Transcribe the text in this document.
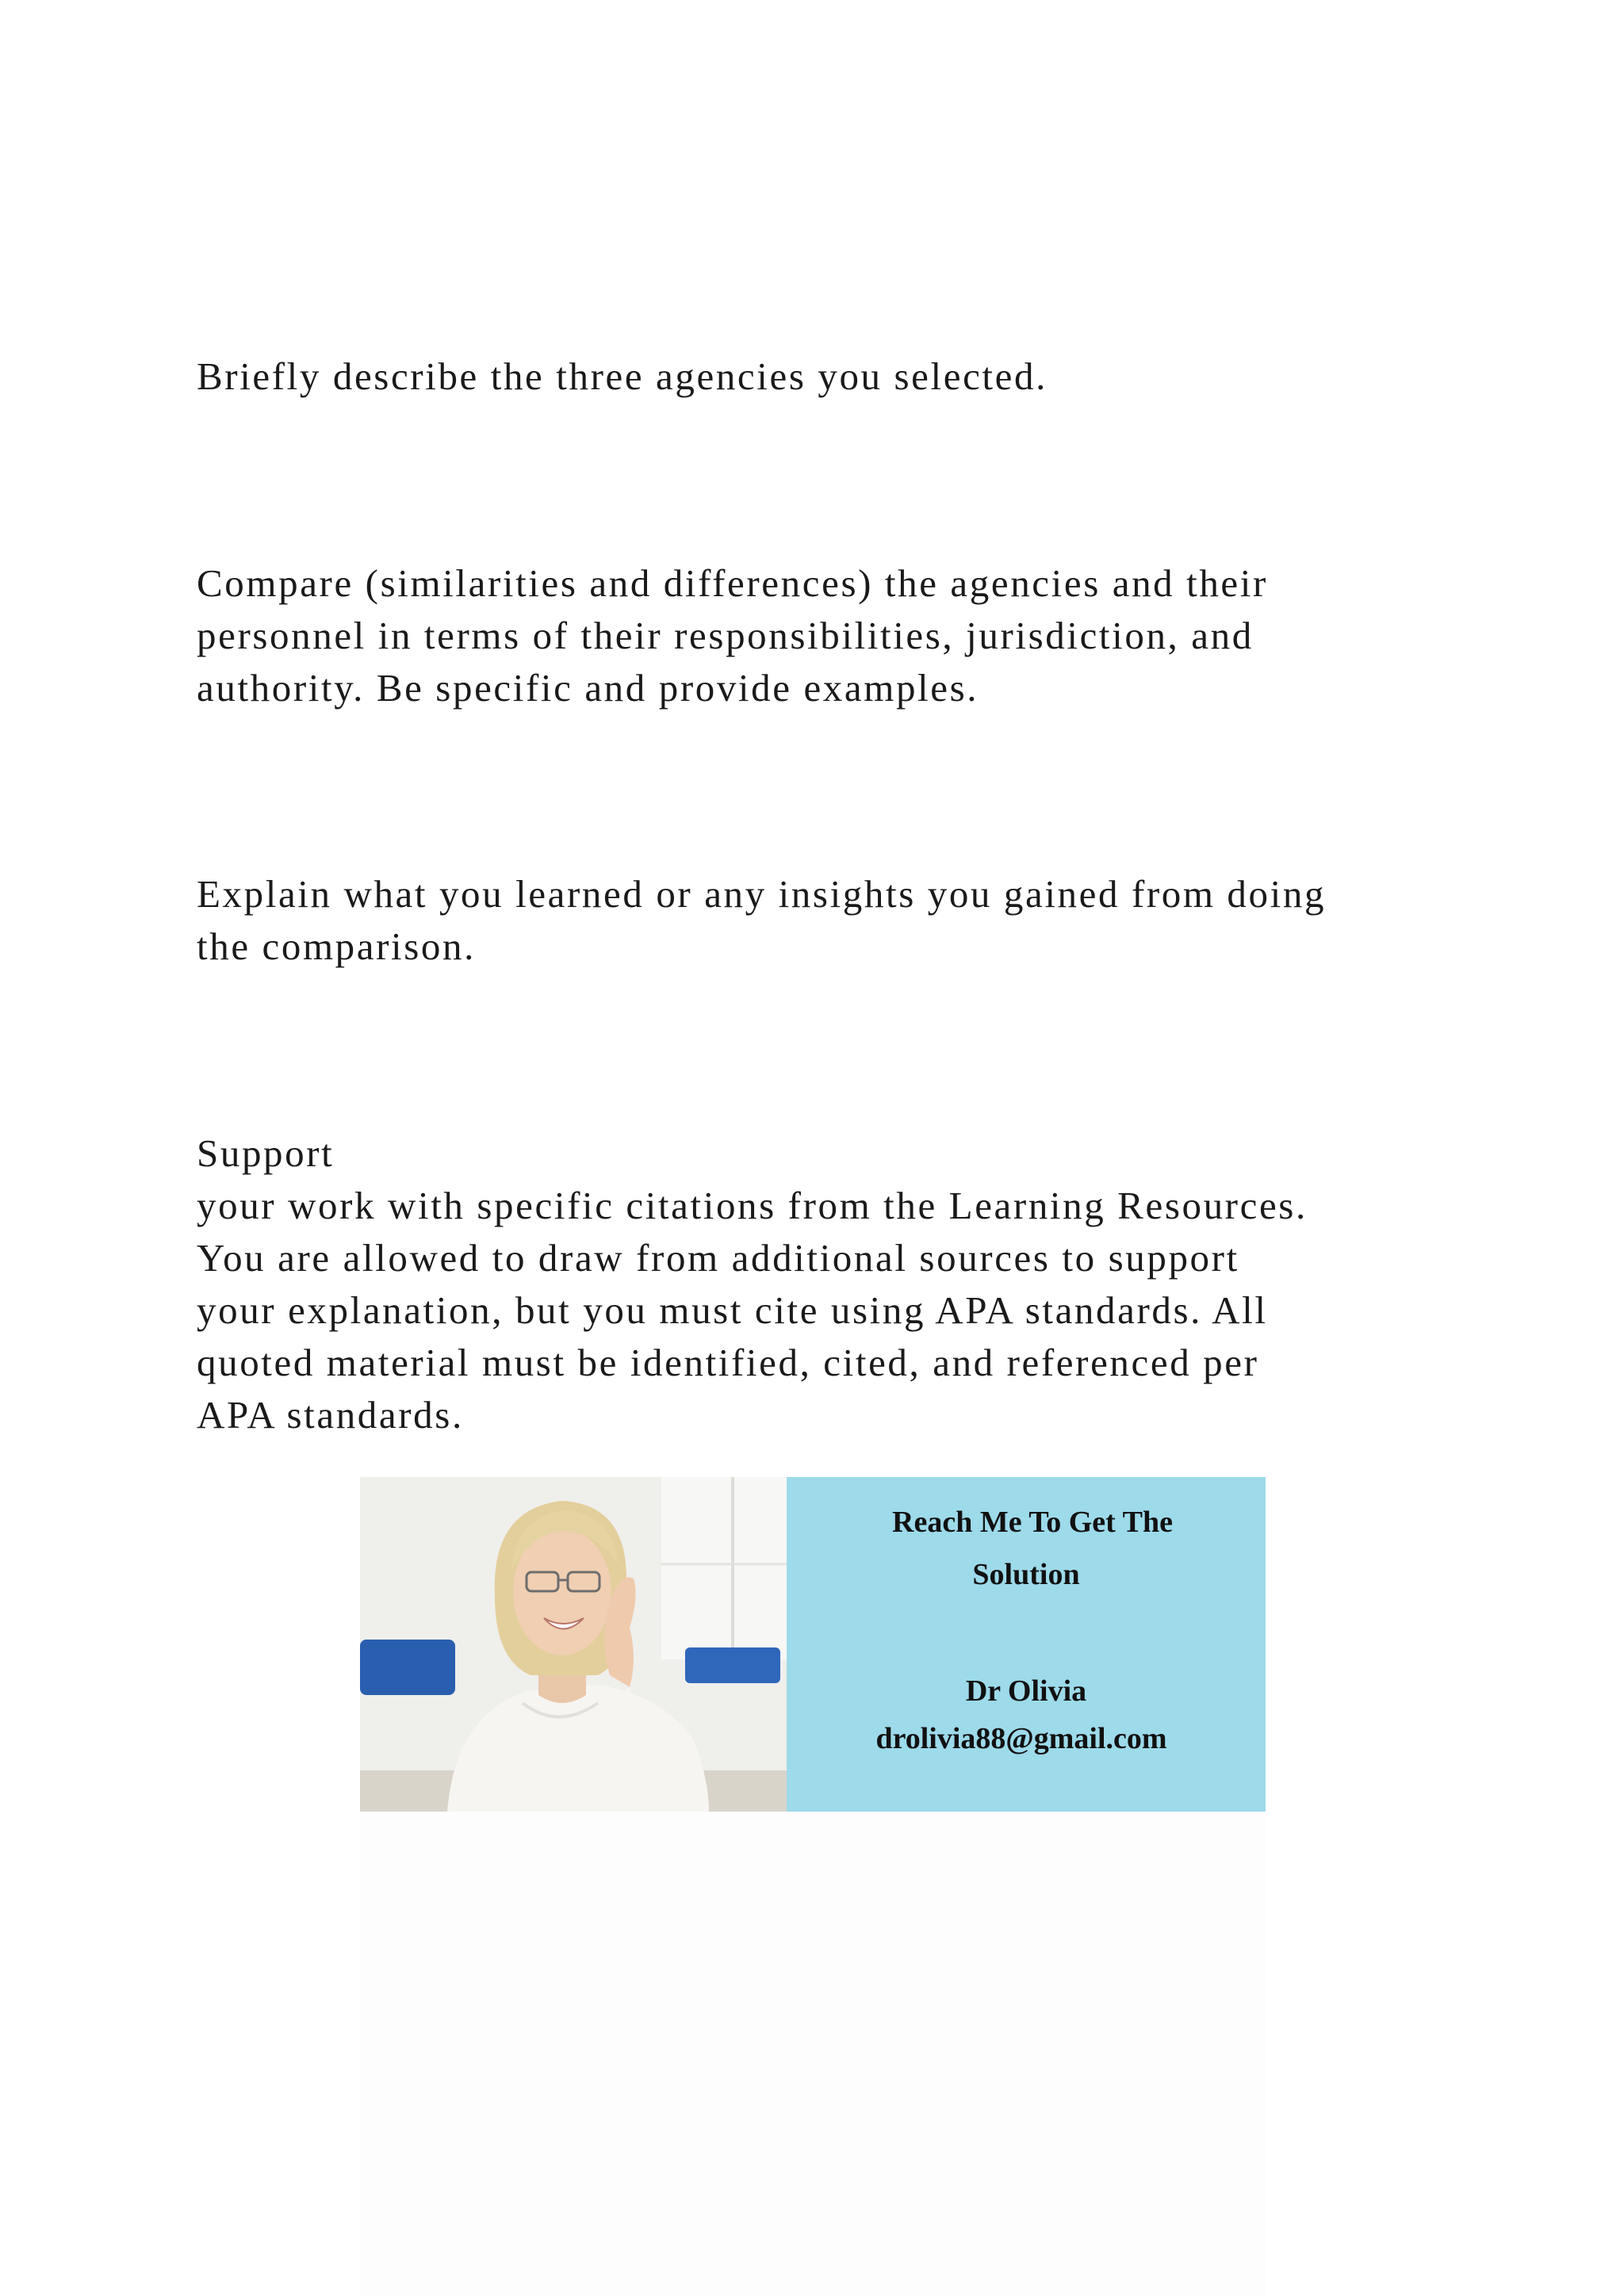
Briefly describe the three agencies you selected.

Compare (similarities and differences) the agencies and their
personnel in terms of their responsibilities, jurisdiction, and
authority. Be specific and provide examples.

Explain what you learned or any insights you gained from doing
the comparison.

Support
your work with specific citations from the Learning Resources.
You are allowed to draw from additional sources to support
your explanation, but you must cite using APA standards. All
quoted material must be identified, cited, and referenced per
APA standards.

Reach Me To Get The

Solution

Dr Olivia

drolivia88@gmail.com
